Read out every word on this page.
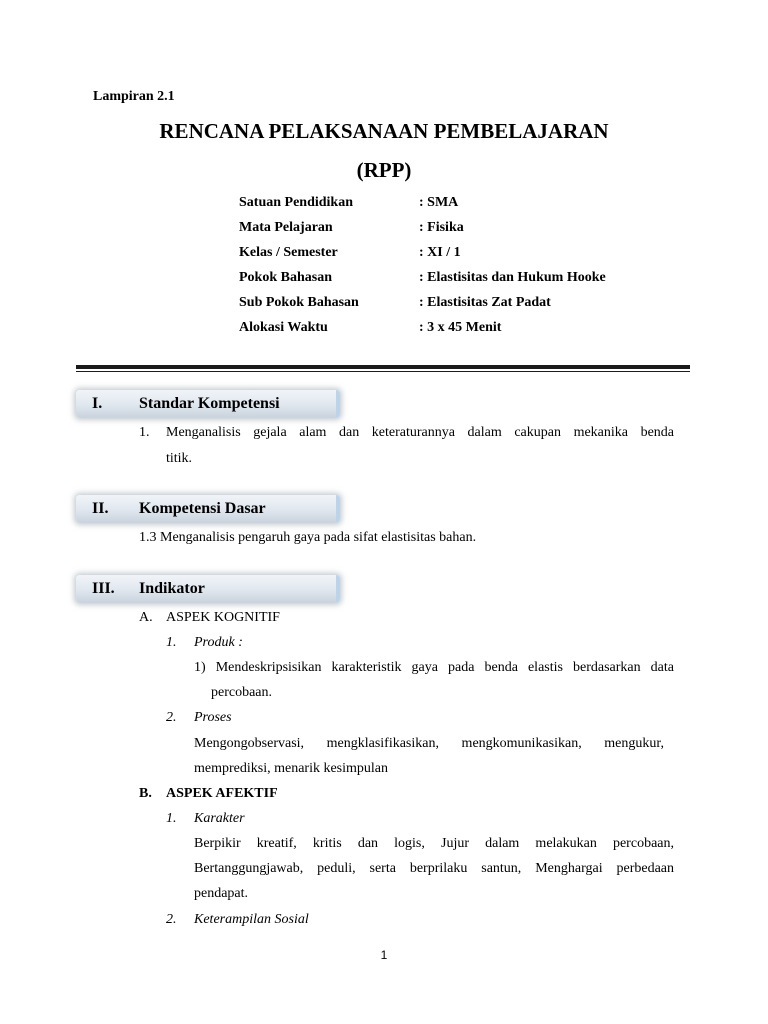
Lampiran 2.1
RENCANA PELAKSANAAN PEMBELAJARAN
(RPP)
Satuan Pendidikan	: SMA
Mata Pelajaran	: Fisika
Kelas / Semester	: XI / 1
Pokok Bahasan	: Elastisitas dan Hukum Hooke
Sub Pokok Bahasan	: Elastisitas Zat Padat
Alokasi Waktu	: 3 x 45 Menit
I. Standar Kompetensi
1. Menganalisis gejala alam dan keteraturannya dalam cakupan mekanika benda
titik.
II. Kompetensi Dasar
1.3 Menganalisis pengaruh gaya pada sifat elastisitas bahan.
III. Indikator
A. ASPEK KOGNITIF
1. Produk :
1) Mendeskripsisikan karakteristik gaya pada benda elastis berdasarkan data
percobaan.
2. Proses
Mengongobservasi, mengklasifikasikan, mengkomunikasikan, mengukur,
memprediksi, menarik kesimpulan
B. ASPEK AFEKTIF
1. Karakter
Berpikir kreatif, kritis dan logis, Jujur dalam melakukan percobaan,
Bertanggungjawab, peduli, serta berprilaku santun, Menghargai perbedaan
pendapat.
2. Keterampilan Sosial
1
